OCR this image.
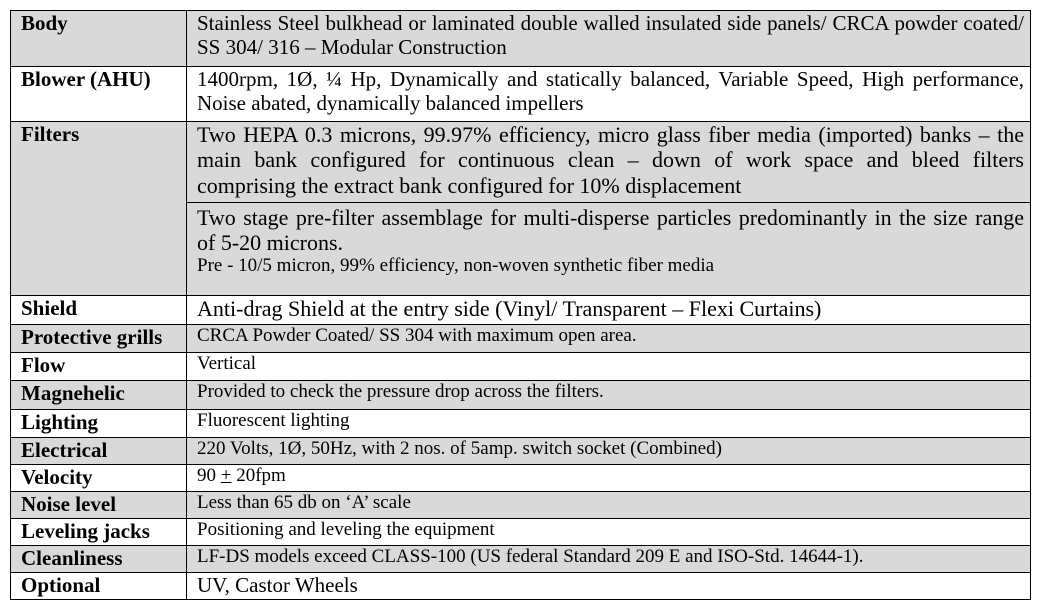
Body	Stainless Steel bulkhead or laminated double walled insulated side panels/ CRCA powder coated/ SS 304/ 316 – Modular Construction
Blower (AHU)	1400rpm, 1Ø, ¼ Hp, Dynamically and statically balanced, Variable Speed, High performance, Noise abated, dynamically balanced impellers
Filters	Two HEPA 0.3 microns, 99.97% efficiency, micro glass fiber media (imported) banks – the main bank configured for continuous clean – down of work space and bleed filters comprising the extract bank configured for 10% displacement
Two stage pre-filter assemblage for multi-disperse particles predominantly in the size range of 5-20 microns.
Pre - 10/5 micron, 99% efficiency, non-woven synthetic fiber media

Shield	Anti-drag Shield at the entry side (Vinyl/ Transparent – Flexi Curtains)
Protective grills	CRCA Powder Coated/ SS 304 with maximum open area.
Flow	Vertical
Magnehelic	Provided to check the pressure drop across the filters.
Lighting	Fluorescent lighting
Electrical	220 Volts, 1Ø, 50Hz, with 2 nos. of 5amp. switch socket (Combined)
Velocity	90 + 20fpm
Noise level	Less than 65 db on ‘A’ scale
Leveling jacks	Positioning and leveling the equipment
Cleanliness	LF-DS models exceed CLASS-100 (US federal Standard 209 E and ISO-Std. 14644-1).
Optional	UV, Castor Wheels
